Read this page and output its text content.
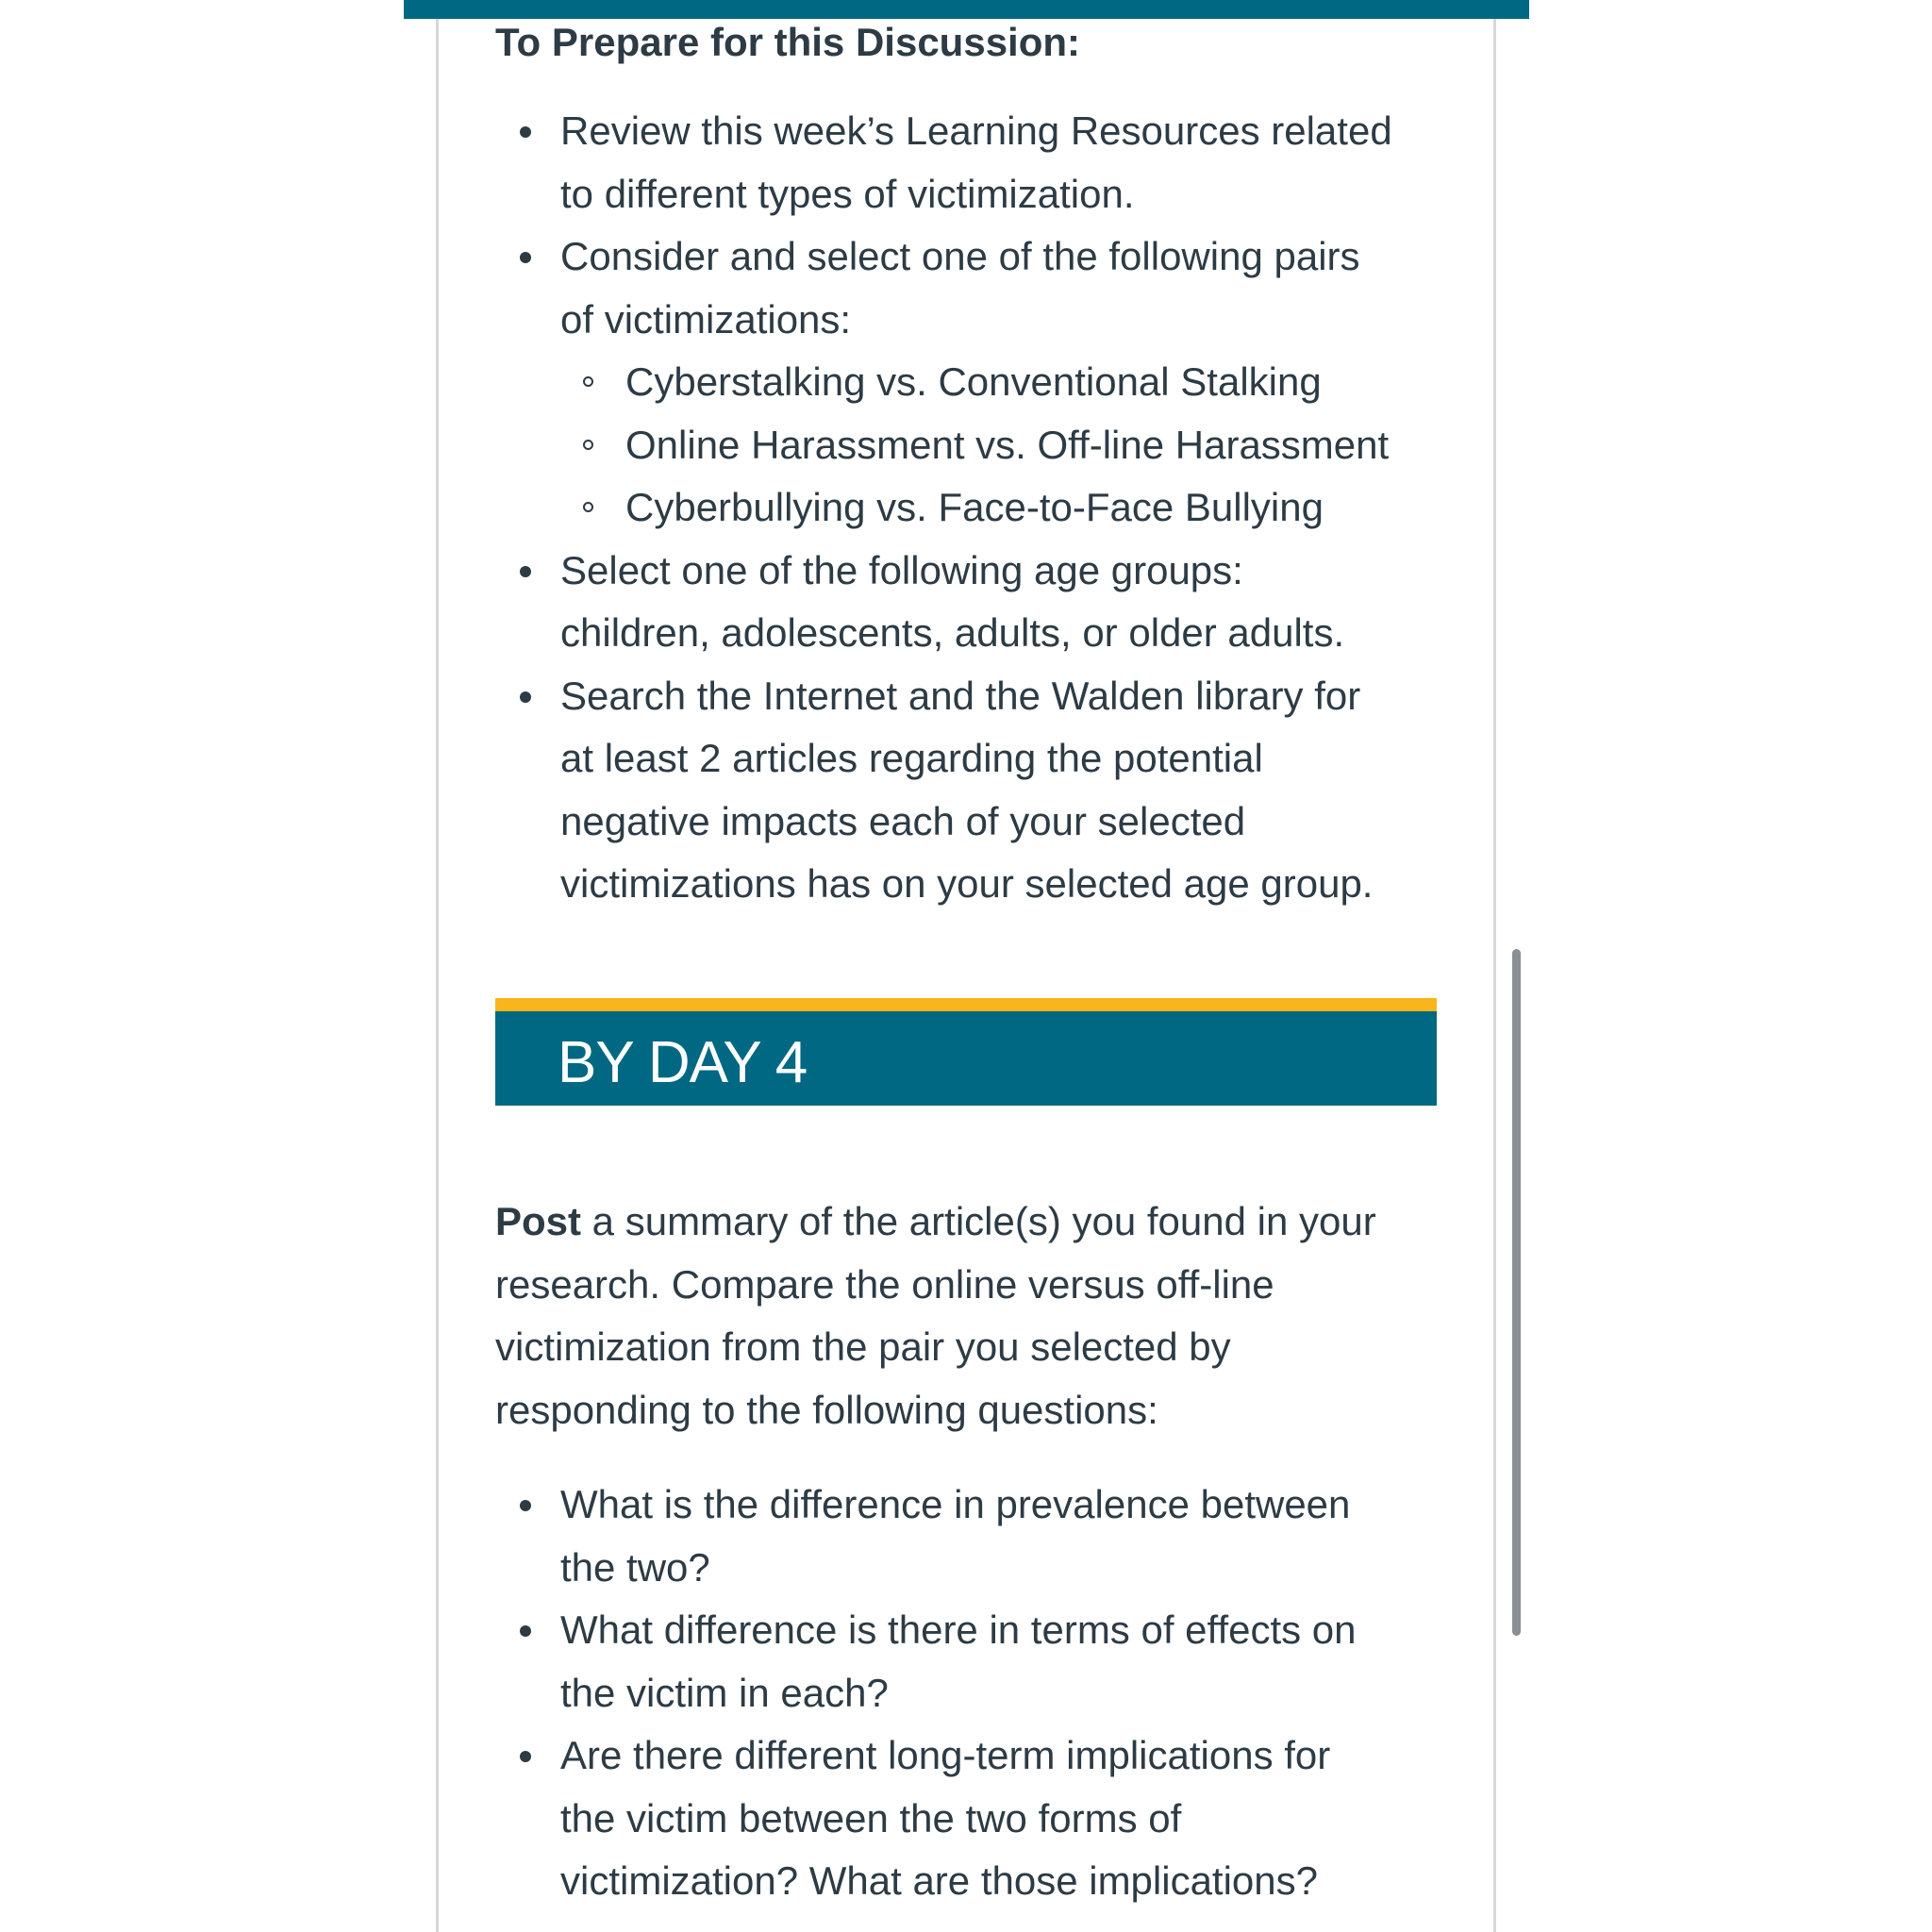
To Prepare for this Discussion:

Review this week’s Learning Resources related
to different types of victimization.
Consider and select one of the following pairs
of victimizations:
Cyberstalking vs. Conventional Stalking
Online Harassment vs. Off-line Harassment
Cyberbullying vs. Face-to-Face Bullying
Select one of the following age groups:
children, adolescents, adults, or older adults.
Search the Internet and the Walden library for
at least 2 articles regarding the potential
negative impacts each of your selected
victimizations has on your selected age group.
BY DAY 4

Post a summary of the article(s) you found in your
research. Compare the online versus off-line
victimization from the pair you selected by
responding to the following questions:

What is the difference in prevalence between
the two?
What difference is there in terms of effects on
the victim in each?
Are there different long-term implications for
the victim between the two forms of
victimization? What are those implications?
